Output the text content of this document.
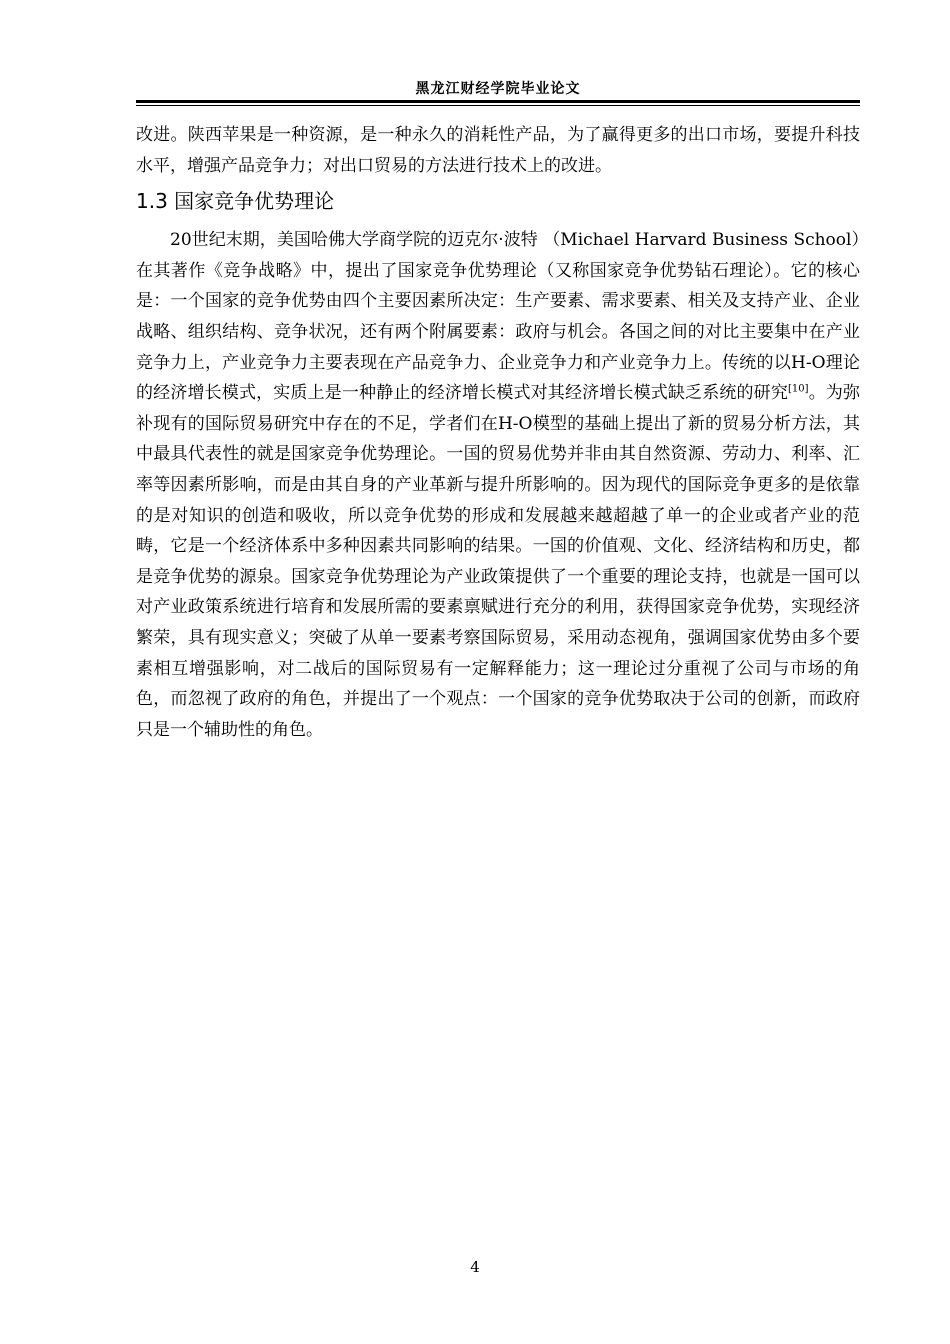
黑龙江财经学院毕业论文

改进。陕西苹果是一种资源，是一种永久的消耗性产品，为了赢得更多的出口市场，要提升科技水平，增强产品竞争力；对出口贸易的方法进行技术上的改进。

1.3 国家竞争优势理论

20世纪末期，美国哈佛大学商学院的迈克尔·波特 （Michael Harvard Business School）在其著作《竞争战略》中，提出了国家竞争优势理论（又称国家竞争优势钻石理论）。它的核心是：一个国家的竞争优势由四个主要因素所决定：生产要素、需求要素、相关及支持产业、企业战略、组织结构、竞争状况，还有两个附属要素：政府与机会。各国之间的对比主要集中在产业竞争力上，产业竞争力主要表现在产品竞争力、企业竞争力和产业竞争力上。传统的以H-O理论的经济增长模式，实质上是一种静止的经济增长模式对其经济增长模式缺乏系统的研究[10]。为弥补现有的国际贸易研究中存在的不足，学者们在H-O模型的基础上提出了新的贸易分析方法，其中最具代表性的就是国家竞争优势理论。一国的贸易优势并非由其自然资源、劳动力、利率、汇率等因素所影响，而是由其自身的产业革新与提升所影响的。因为现代的国际竞争更多的是依靠的是对知识的创造和吸收，所以竞争优势的形成和发展越来越超越了单一的企业或者产业的范畴，它是一个经济体系中多种因素共同影响的结果。一国的价值观、文化、经济结构和历史，都是竞争优势的源泉。国家竞争优势理论为产业政策提供了一个重要的理论支持，也就是一国可以对产业政策系统进行培育和发展所需的要素禀赋进行充分的利用，获得国家竞争优势，实现经济繁荣，具有现实意义；突破了从单一要素考察国际贸易，采用动态视角，强调国家优势由多个要素相互增强影响，对二战后的国际贸易有一定解释能力；这一理论过分重视了公司与市场的角色，而忽视了政府的角色，并提出了一个观点：一个国家的竞争优势取决于公司的创新，而政府只是一个辅助性的角色。

4
